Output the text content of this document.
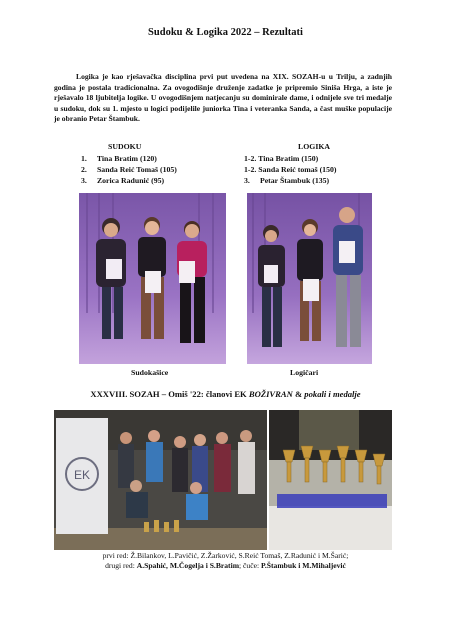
Sudoku & Logika 2022 – Rezultati

Logika je kao rješavačka disciplina prvi put uvedena na XIX. SOZAH-u u Trilju, a zadnjih godina je postala tradicionalna. Za ovogodišnje druženje zadatke je pripremio Siniša Hrga, a iste je rješavalo 18 ljubitelja logike. U ovogodišnjem natjecanju su dominirale dame, i odnijele sve tri medalje u sudoku, dok su 1. mjesto u logici podijelile juniorka Tina i veteranka Sanda, a čast muške populacije je obranio Petar Štambuk.

SUDOKU	LOGIKA
1. Tina Bratim (120)
2. Sanda Reić Tomaš (105)
3. Zorica Radunić (95)
1-2. Tina Bratim (150)
1-2. Sanda Reić tomaš (150)
3. Petar Štambuk (135)
Sudokašice	Logičari
XXXVIII. SOZAH – Omiš '22: članovi EK BOŽIVRAN & pokali i medalje
EK
prvi red: Ž.Bilankov, L.Pavičić, Z.Žarković, S.Reić Tomaš, Z.Radunić i M.Šarić;
drugi red: A.Spahić, M.Čogelja i S.Bratim; čuče: P.Štambuk i M.Mihaljević
